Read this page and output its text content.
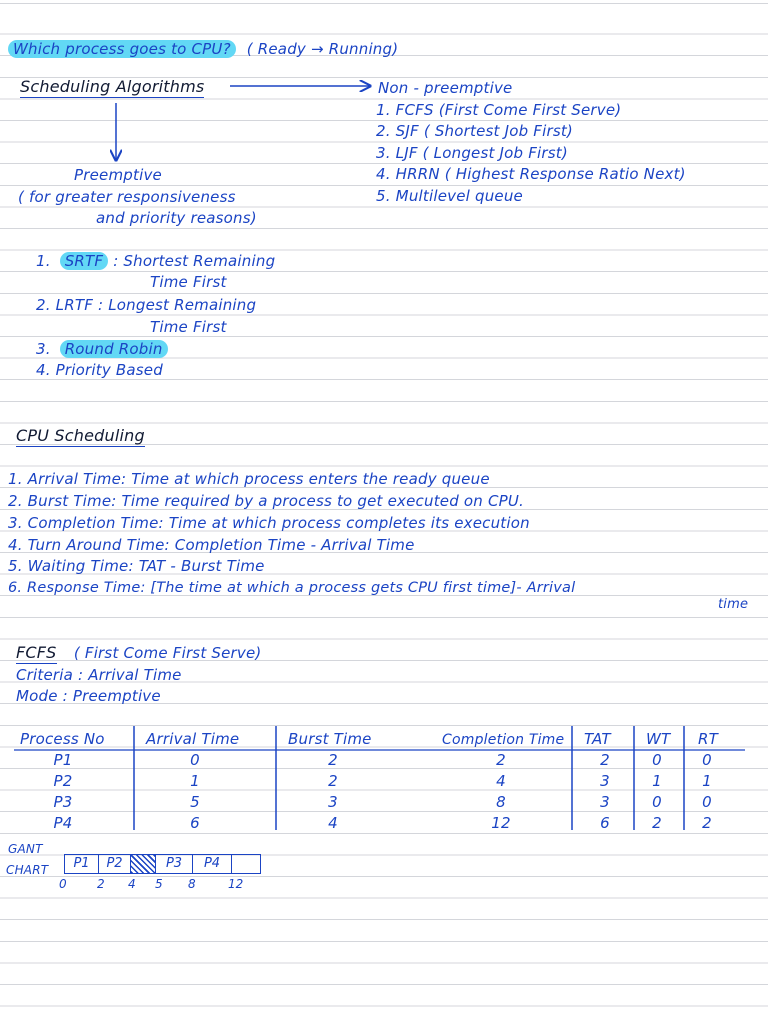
Which process goes to CPU? ( Ready → Running)
Scheduling Algorithms	Non - preemptive
1. FCFS (First Come First Serve)
2. SJF ( Shortest Job First)
3. LJF ( Longest Job First)
4. HRRN ( Highest Response Ratio Next)
5. Multilevel queue
Preemptive
( for greater responsiveness
and priority reasons)
1. SRTF : Shortest Remaining
Time First
2. LRTF : Longest Remaining
Time First
3. Round Robin
4. Priority Based
CPU Scheduling
1. Arrival Time: Time at which process enters the ready queue
2. Burst Time: Time required by a process to get executed on CPU.
3. Completion Time: Time at which process completes its execution
4. Turn Around Time: Completion Time - Arrival Time
5. Waiting Time: TAT - Burst Time
6. Response Time: [The time at which a process gets CPU first time]- Arrival
time
FCFS ( First Come First Serve)
Criteria : Arrival Time
Mode : Preemptive
Process No	Arrival Time	Burst Time	Completion Time TAT WT RT
P1	0	2	2	2	0	0
P2	1	2	4	3	1	1
P3	5	3	8	3	0	0
P4	6	4	12	6	2	2
GANT
CHART	P1	P2	P3	P4
0	2 4 5 8	12
